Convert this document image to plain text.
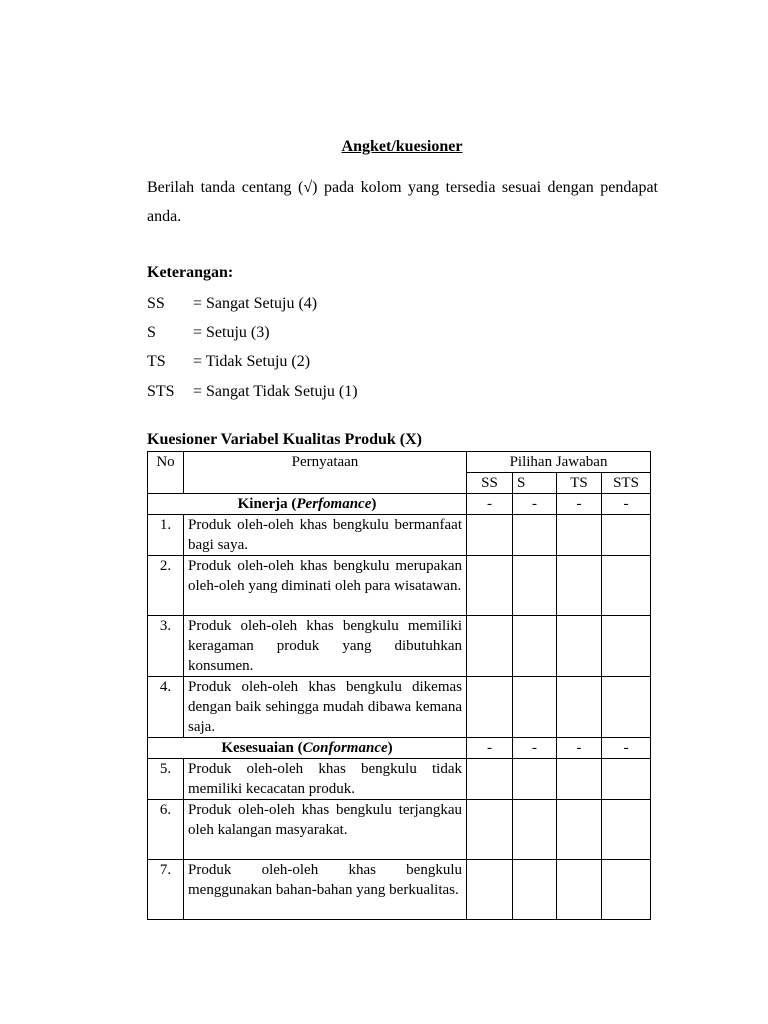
Angket/kuesioner
Berilah tanda centang (√) pada kolom yang tersedia sesuai dengan pendapat anda.
Keterangan:
SS = Sangat Setuju (4)
S = Setuju (3)
TS = Tidak Setuju (2)
STS = Sangat Tidak Setuju (1)
Kuesioner Variabel Kualitas Produk (X)
No	Pernyataan	Pilihan Jawaban			
		SS	S	TS	STS
Kinerja (Perfomance)		-	-	-	-
1.	Produk oleh-oleh khas bengkulu bermanfaat bagi saya.				
2.	Produk oleh-oleh khas bengkulu merupakan oleh-oleh yang diminati oleh para wisatawan.				
3.	Produk oleh-oleh khas bengkulu memiliki keragaman produk yang dibutuhkan konsumen.				
4.	Produk oleh-oleh khas bengkulu dikemas dengan baik sehingga mudah dibawa kemana saja.				
Kesesuaian (Conformance)		-	-	-	-
5.	Produk oleh-oleh khas bengkulu tidak memiliki kecacatan produk.				
6.	Produk oleh-oleh khas bengkulu terjangkau oleh kalangan masyarakat.				
7.	Produk oleh-oleh khas bengkulu menggunakan bahan-bahan yang berkualitas.				
